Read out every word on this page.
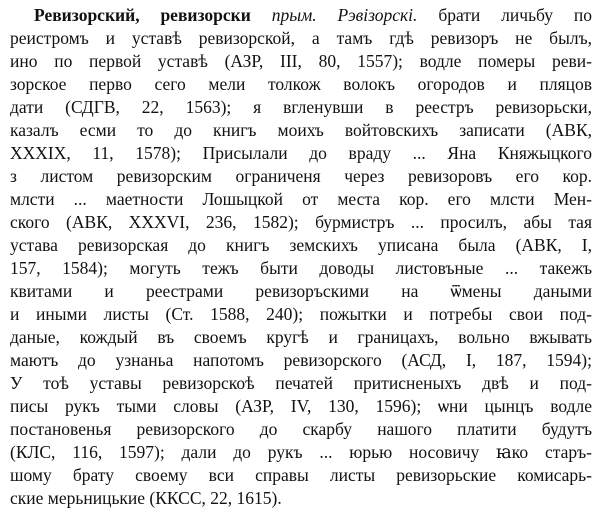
Ревизорский, ревизорски прым. Рэвізорскі. брати личьбу по
реистромъ и уставѣ ревизорской, а тамъ гдѣ ревизоръ не былъ,
ино по первой уставѣ (АЗР, III, 80, 1557); водле померы реви-
зорское перво сего мели толкож волокъ огородов и пляцов
дати (СДГВ, 22, 1563); я вгленувши в реестръ ревизорьски,
казалъ есми то до книгъ моихъ войтовскихъ записати (АВК,
XXXIX, 11, 1578); Присылали до враду ... Яна Княжыцкого
з листом ревизорским ограниченя через ревизоровъ его кор.
млсти ... маетности Лошыцкой от места кор. его млсти Мен-
ского (АВК, XXXVI, 236, 1582); бурмистръ ... просилъ, абы тая
устава ревизорская до книгъ земскихъ уписана была (АВК, I,
157, 1584); могуть тежъ быти доводы листовъные ... такежъ
квитами и реестрами ревизоръскими на ѿмены даными
и иными листы (Ст. 1588, 240); пожытки и потребы свои под-
даные, кождый въ своемъ кругѣ и границахъ, вольно вжывать
маютъ до узнаньа напотомъ ревизорского (АСД, I, 187, 1594);
У тоѣ уставы ревизорскоѣ печатей притисненыхъ двѣ и под-
писы рукъ тыми словы (АЗР, IV, 130, 1596); ѡни цынцъ водле
постановенья ревизорского до скарбу нашого платити будутъ
(КЛС, 116, 1597); дали до рукъ ... юрью носовичу ꙗко старъ-
шому брату своему вси справы листы ревизорьские комисарь-
ские мерьницькие (ККСС, 22, 1615).
